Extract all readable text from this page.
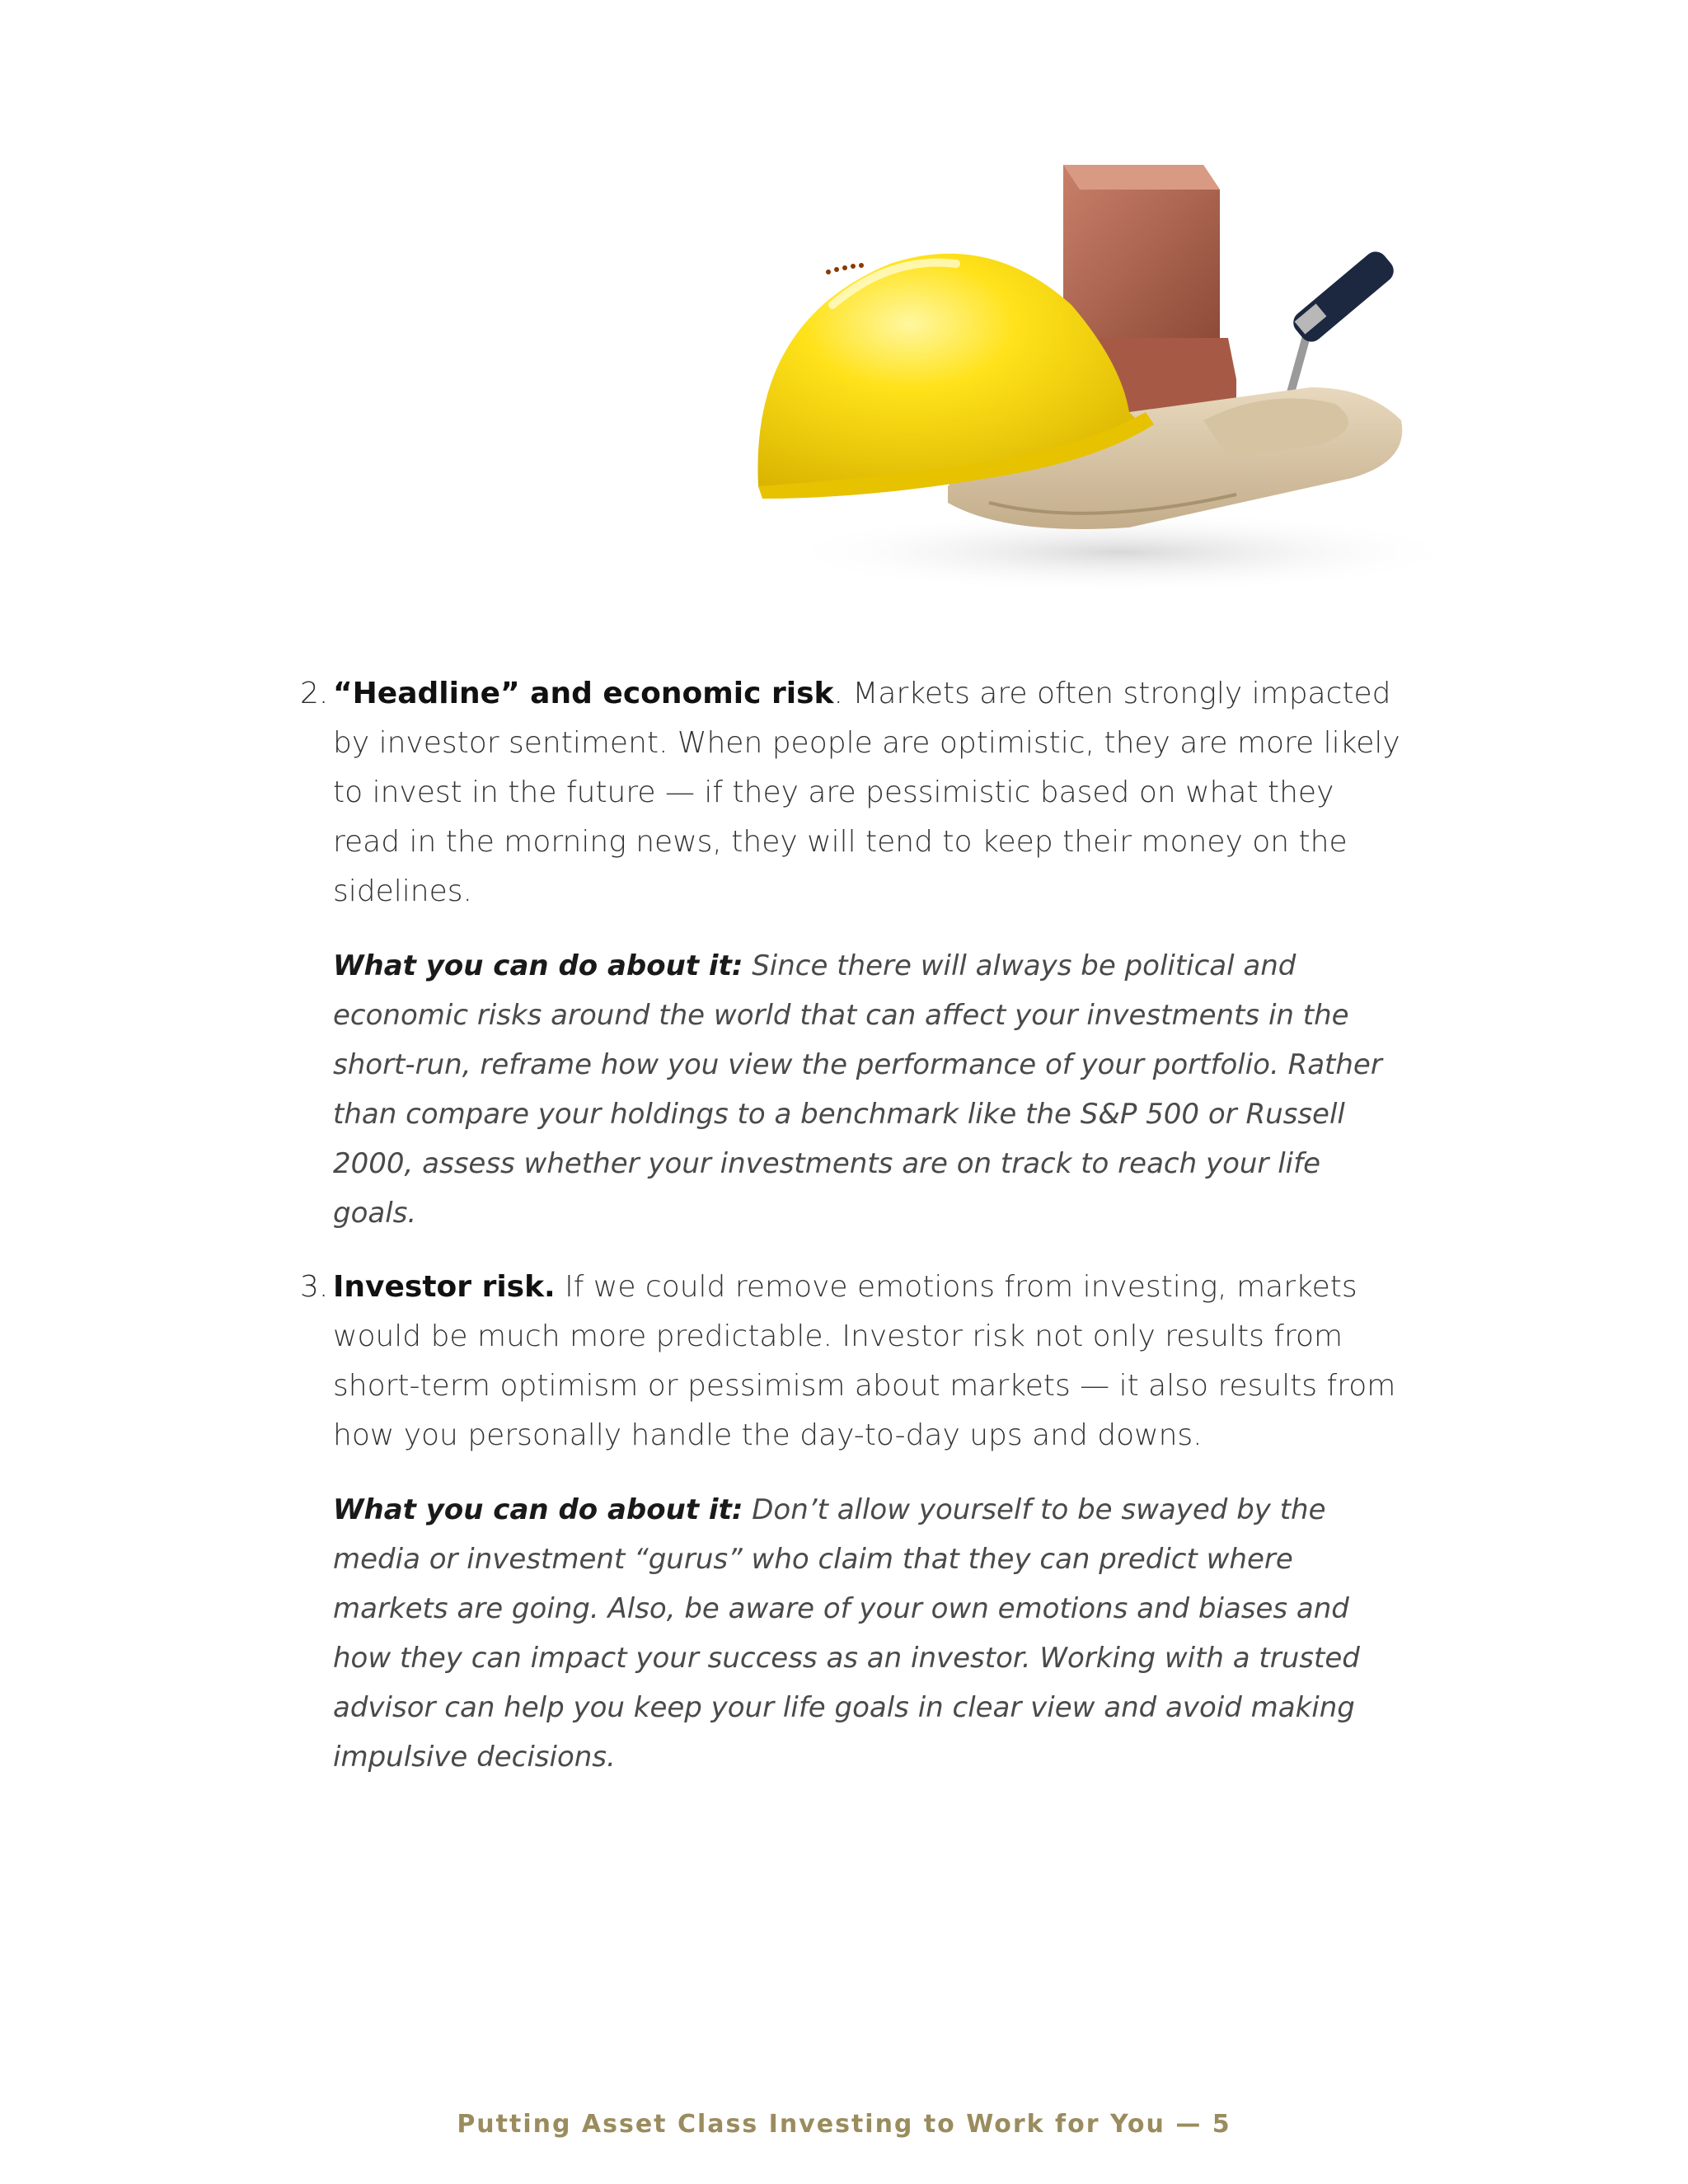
2. “Headline” and economic risk. Markets are often strongly impacted by investor sentiment. When people are optimistic, they are more likely to invest in the future — if they are pessimistic based on what they read in the morning news, they will tend to keep their money on the sidelines.

What you can do about it: Since there will always be political and economic risks around the world that can affect your investments in the short-run, reframe how you view the performance of your portfolio. Rather than compare your holdings to a benchmark like the S&P 500 or Russell 2000, assess whether your investments are on track to reach your life goals.

3. Investor risk. If we could remove emotions from investing, markets would be much more predictable. Investor risk not only results from short-term optimism or pessimism about markets — it also results from how you personally handle the day-to-day ups and downs.

What you can do about it: Don’t allow yourself to be swayed by the media or investment “gurus” who claim that they can predict where markets are going. Also, be aware of your own emotions and biases and how they can impact your success as an investor. Working with a trusted advisor can help you keep your life goals in clear view and avoid making impulsive decisions.

Putting Asset Class Investing to Work for You — 5
